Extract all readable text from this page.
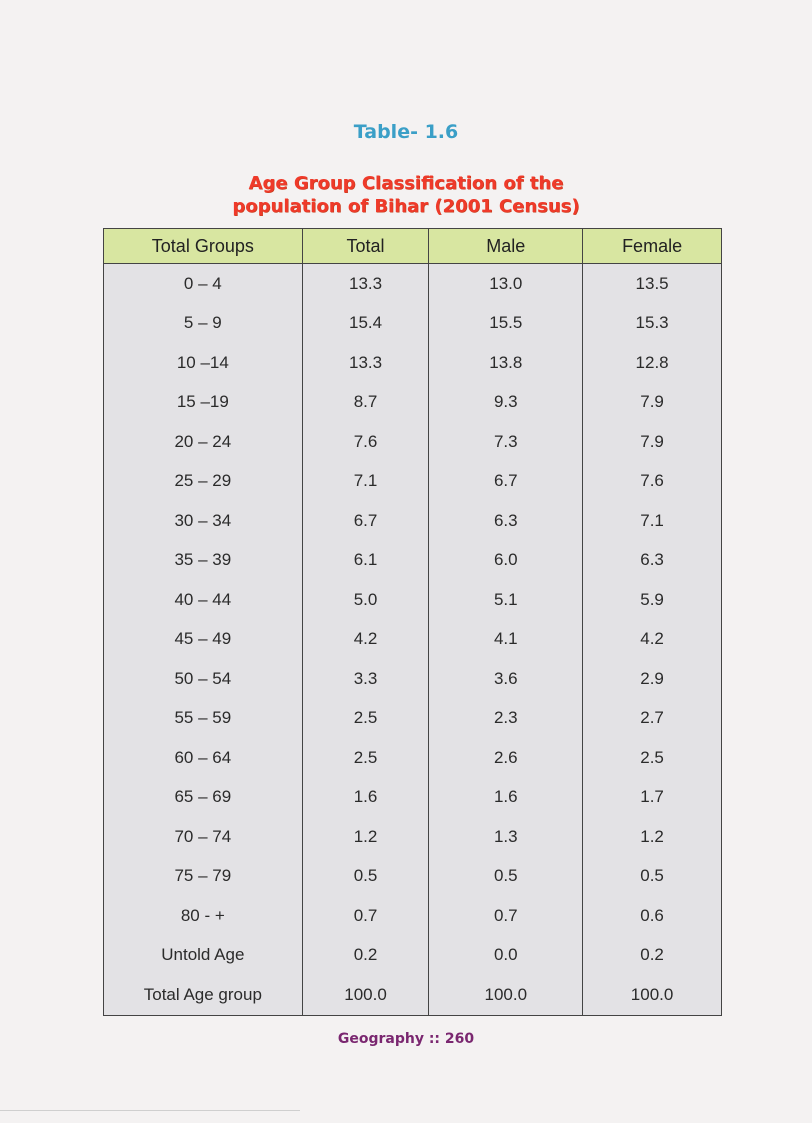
Table- 1.6
Age Group Classification of the
population of Bihar (2001 Census)
Total Groups	Total	Male	Female
0 – 4	13.3	13.0	13.5
5 – 9	15.4	15.5	15.3
10 –14	13.3	13.8	12.8
15 –19	8.7	9.3	7.9
20 – 24	7.6	7.3	7.9
25 – 29	7.1	6.7	7.6
30 – 34	6.7	6.3	7.1
35 – 39	6.1	6.0	6.3
40 – 44	5.0	5.1	5.9
45 – 49	4.2	4.1	4.2
50 – 54	3.3	3.6	2.9
55 – 59	2.5	2.3	2.7
60 – 64	2.5	2.6	2.5
65 – 69	1.6	1.6	1.7
70 – 74	1.2	1.3	1.2
75 – 79	0.5	0.5	0.5
80 - +	0.7	0.7	0.6
Untold Age	0.2	0.0	0.2
Total Age group	100.0	100.0	100.0
Geography :: 260
